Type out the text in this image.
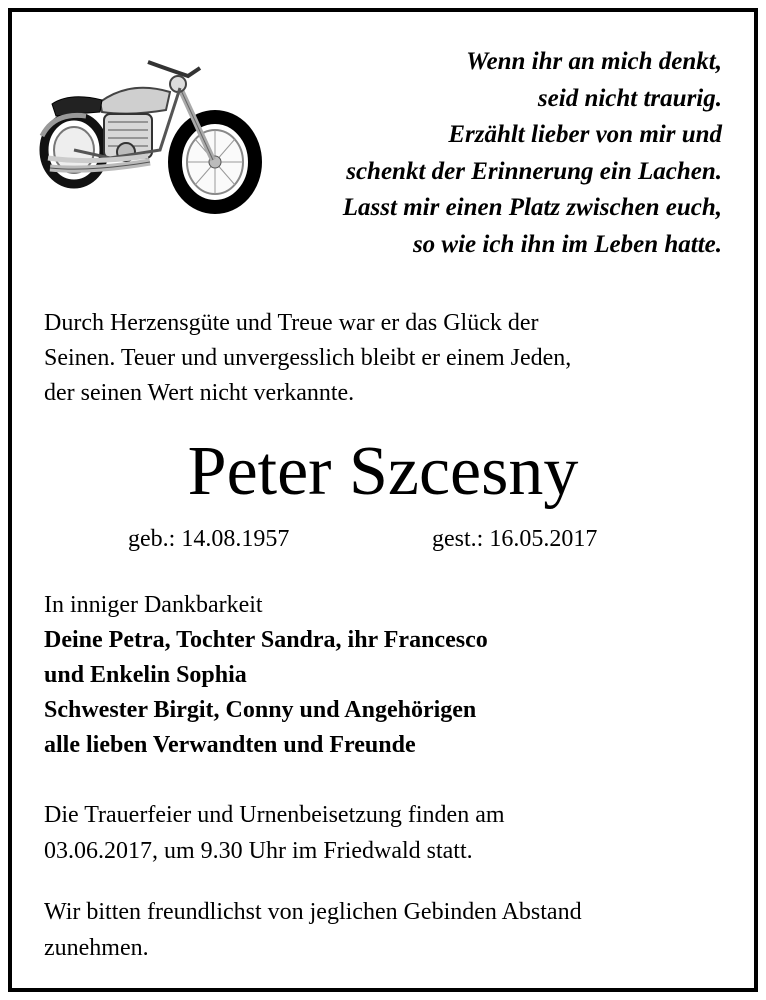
Wenn ihr an mich denkt,
seid nicht traurig.
Erzählt lieber von mir und
schenkt der Erinnerung ein Lachen.
Lasst mir einen Platz zwischen euch,
so wie ich ihn im Leben hatte.
Durch Herzensgüte und Treue war er das Glück der
Seinen. Teuer und unvergesslich bleibt er einem Jeden,
der seinen Wert nicht verkannte.
Peter Szcesny
geb.: 14.08.1957	gest.: 16.05.2017
In inniger Dankbarkeit
Deine Petra, Tochter Sandra, ihr Francesco
und Enkelin Sophia
Schwester Birgit, Conny und Angehörigen
alle lieben Verwandten und Freunde
Die Trauerfeier und Urnenbeisetzung finden am
03.06.2017, um 9.30 Uhr im Friedwald statt.
Wir bitten freundlichst von jeglichen Gebinden Abstand
zunehmen.
